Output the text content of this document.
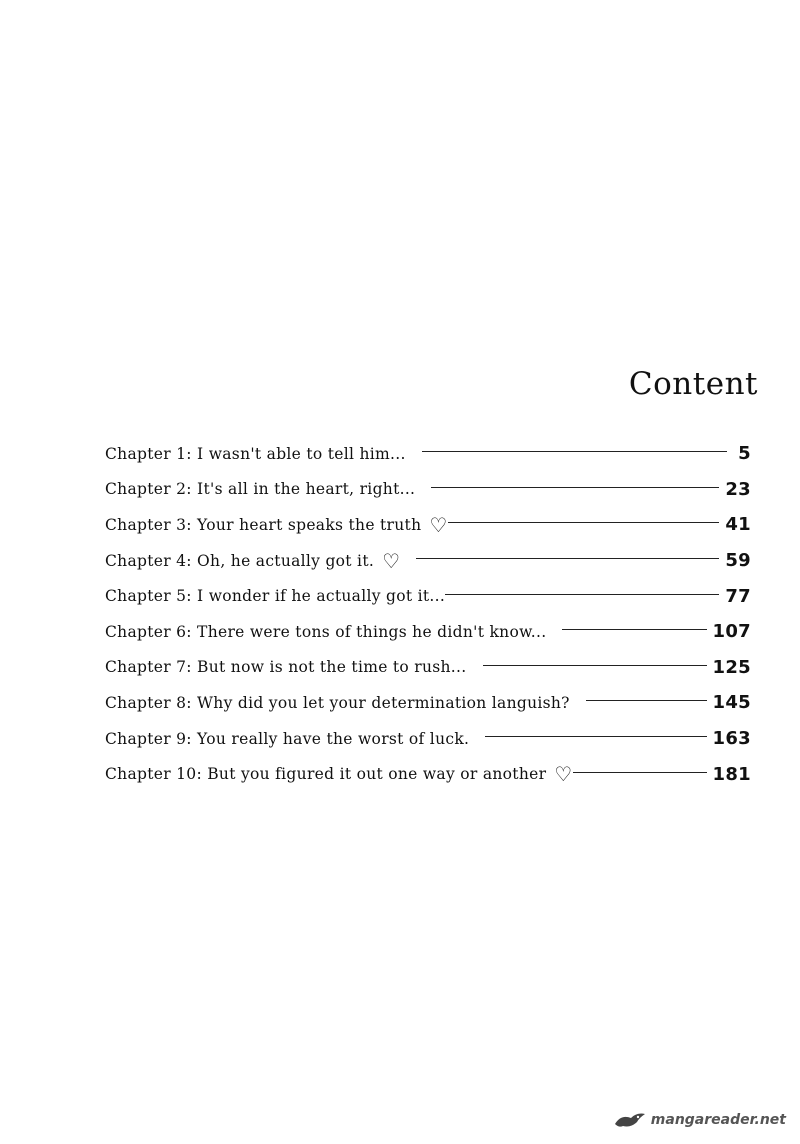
Content
Chapter 1: I wasn't able to tell him...	5
Chapter 2: It's all in the heart, right...	23
Chapter 3: Your heart speaks the truth ♡	41
Chapter 4: Oh, he actually got it. ♡	59
Chapter 5: I wonder if he actually got it...	77
Chapter 6: There were tons of things he didn't know...	107
Chapter 7: But now is not the time to rush...	125
Chapter 8: Why did you let your determination languish?	145
Chapter 9: You really have the worst of luck.	163
Chapter 10: But you figured it out one way or another ♡	181
mangareader.net
